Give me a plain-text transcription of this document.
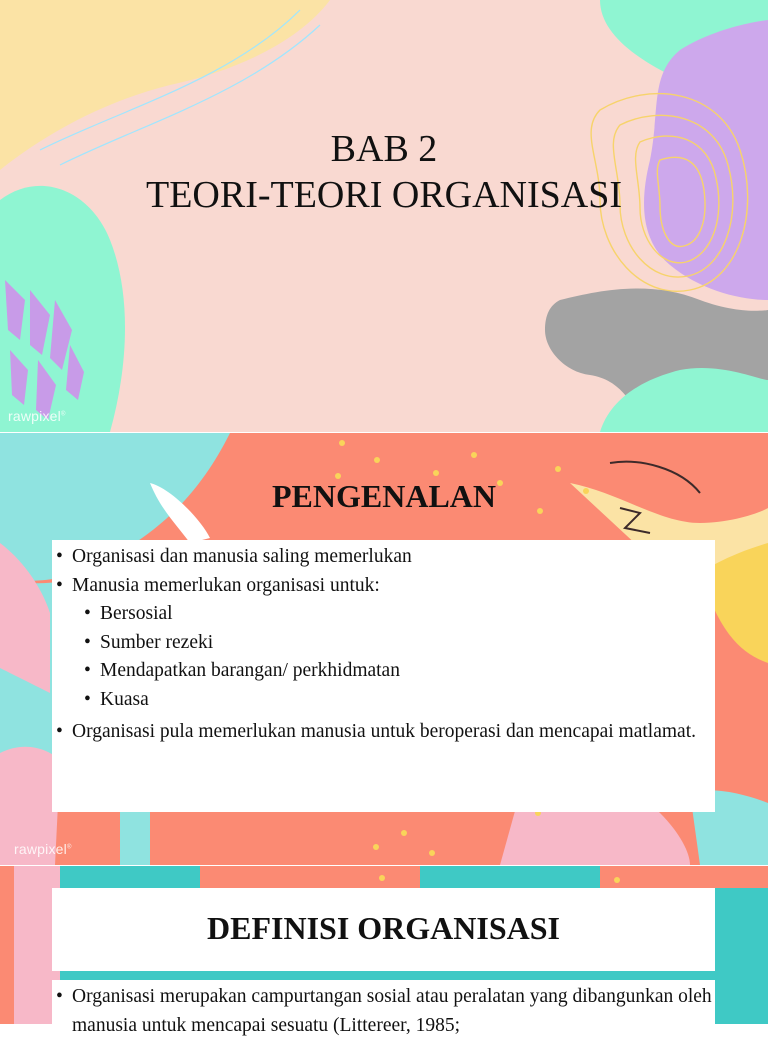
BAB 2
TEORI-TEORI ORGANISASI
rawpixel®
rawpixel®
PENGENALAN
• Organisasi dan manusia saling memerlukan
• Manusia memerlukan organisasi untuk:
• Bersosial
• Sumber rezeki
• Mendapatkan barangan/ perkhidmatan
• Kuasa
• Organisasi pula memerlukan manusia untuk beroperasi dan mencapai matlamat.
DEFINISI ORGANISASI
• Organisasi merupakan campurtangan sosial atau peralatan yang dibangunkan oleh manusia untuk mencapai sesuatu (Littereer, 1985;
